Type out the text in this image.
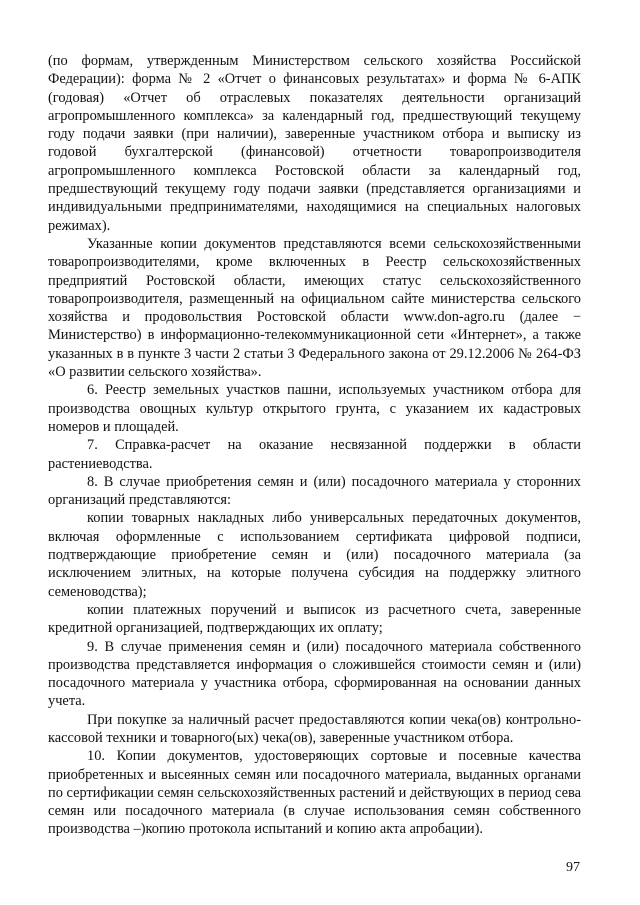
(по формам, утвержденным Министерством сельского хозяйства Российской Федерации): форма № 2 «Отчет о финансовых результатах» и форма № 6-АПК (годовая) «Отчет об отраслевых показателях деятельности организаций агропромышленного комплекса» за календарный год, предшествующий текущему году подачи заявки (при наличии), заверенные участником отбора и выписку из годовой бухгалтерской (финансовой) отчетности товаропроизводителя агропромышленного комплекса Ростовской области за календарный год, предшествующий текущему году подачи заявки (представляется организациями и индивидуальными предпринимателями, находящимися на специальных налоговых режимах).

Указанные копии документов представляются всеми сельскохозяйственными товаропроизводителями, кроме включенных в Реестр сельскохозяйственных предприятий Ростовской области, имеющих статус сельскохозяйственного товаропроизводителя, размещенный на официальном сайте министерства сельского хозяйства и продовольствия Ростовской области www.don-agro.ru (далее − Министерство) в информационно-телекоммуникационной сети «Интернет», а также указанных в в пункте 3 части 2 статьи 3 Федерального закона от 29.12.2006 № 264-ФЗ «О развитии сельского хозяйства».

6. Реестр земельных участков пашни, используемых участником отбора для производства овощных культур открытого грунта, с указанием их кадастровых номеров и площадей.

7. Справка-расчет на оказание несвязанной поддержки в области растениеводства.

8. В случае приобретения семян и (или) посадочного материала у сторонних организаций представляются:

копии товарных накладных либо универсальных передаточных документов, включая оформленные с использованием сертификата цифровой подписи, подтверждающие приобретение семян и (или) посадочного материала (за исключением элитных, на которые получена субсидия на поддержку элитного семеноводства);

копии платежных поручений и выписок из расчетного счета, заверенные кредитной организацией, подтверждающих их оплату;

9. В случае применения семян и (или) посадочного материала собственного производства представляется информация о сложившейся стоимости семян и (или) посадочного материала у участника отбора, сформированная на основании данных учета.

При покупке за наличный расчет предоставляются копии чека(ов) контрольно-кассовой техники и товарного(ых) чека(ов), заверенные участником отбора.

10. Копии документов, удостоверяющих сортовые и посевные качества приобретенных и высеянных семян или посадочного материала, выданных органами по сертификации семян сельскохозяйственных растений и действующих в период сева семян или посадочного материала (в случае использования семян собственного производства –)копию протокола испытаний и копию акта апробации).

97
